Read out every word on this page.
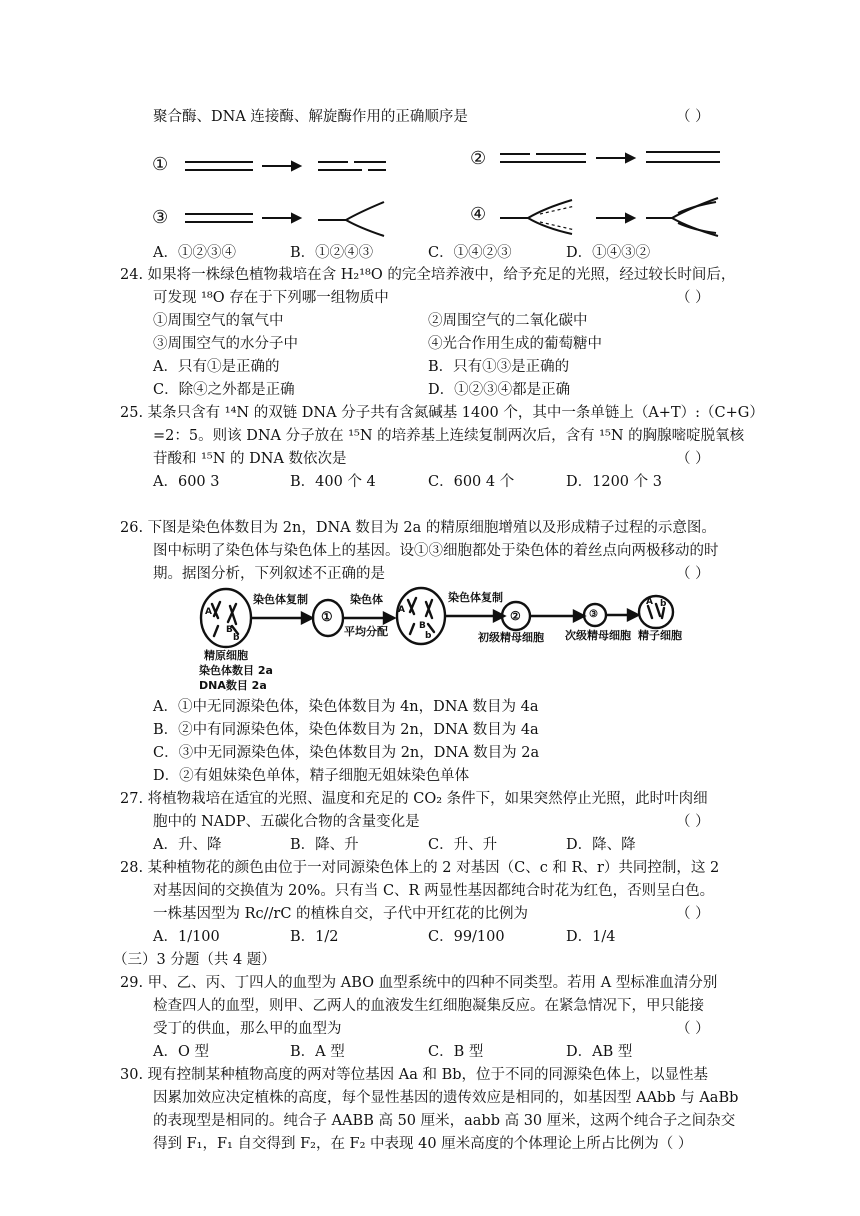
聚合酶、DNA 连接酶、解旋酶作用的正确顺序是	（ ）
①	②
③	④
A．①②③④	B．①②④③	C．①④②③	D．①④③②
24. 如果将一株绿色植物栽培在含 H₂¹⁸O 的完全培养液中，给予充足的光照，经过较长时间后，
可发现 ¹⁸O 存在于下列哪一组物质中	（ ）
①周围空气的氧气中	②周围空气的二氧化碳中
③周围空气的水分子中	④光合作用生成的葡萄糖中
A．只有①是正确的	B．只有①③是正确的
C．除④之外都是正确	D．①②③④都是正确
25. 某条只含有 ¹⁴N 的双链 DNA 分子共有含氮碱基 1400 个，其中一条单链上（A+T）:（C+G）
=2：5。则该 DNA 分子放在 ¹⁵N 的培养基上连续复制两次后，含有 ¹⁵N 的胸腺嘧啶脱氧核
苷酸和 ¹⁵N 的 DNA 数依次是	（ ）
A．600 3	B．400 个 4	C．600 4 个	D．1200 个 3
26. 下图是染色体数目为 2n，DNA 数目为 2a 的精原细胞增殖以及形成精子过程的示意图。
图中标明了染色体与染色体上的基因。设①③细胞都处于染色体的着丝点向两极移动的时
期。据图分析，下列叙述不正确的是	（ ）
A
B
b
A
B
b
A b
染色体复制
①
染色体
平均分配
染色体复制
②	③
初级精母细胞 次级精母细胞 精子细胞
精原细胞
染色体数目 2a
DNA数目 2a
A．①中无同源染色体，染色体数目为 4n，DNA 数目为 4a
B．②中有同源染色体，染色体数目为 2n，DNA 数目为 4a
C．③中无同源染色体，染色体数目为 2n，DNA 数目为 2a
D．②有姐妹染色单体，精子细胞无姐妹染色单体
27. 将植物栽培在适宜的光照、温度和充足的 CO₂ 条件下，如果突然停止光照，此时叶肉细
胞中的 NADP、五碳化合物的含量变化是	（ ）
A．升、降	B．降、升	C．升、升	D．降、降
28. 某种植物花的颜色由位于一对同源染色体上的 2 对基因（C、c 和 R、r）共同控制，这 2
对基因间的交换值为 20%。只有当 C、R 两显性基因都纯合时花为红色，否则呈白色。
一株基因型为 Rc//rC 的植株自交，子代中开红花的比例为	（ ）
A．1/100	B．1/2	C．99/100	D．1/4
（三）3 分题（共 4 题）
29. 甲、乙、丙、丁四人的血型为 ABO 血型系统中的四种不同类型。若用 A 型标准血清分别
检查四人的血型，则甲、乙两人的血液发生红细胞凝集反应。在紧急情况下，甲只能接
受丁的供血，那么甲的血型为	（ ）
A．O 型	B．A 型	C．B 型	D．AB 型
30. 现有控制某种植物高度的两对等位基因 Aa 和 Bb，位于不同的同源染色体上，以显性基
因累加效应决定植株的高度，每个显性基因的遗传效应是相同的，如基因型 AAbb 与 AaBb
的表现型是相同的。纯合子 AABB 高 50 厘米，aabb 高 30 厘米，这两个纯合子之间杂交
得到 F₁，F₁ 自交得到 F₂，在 F₂ 中表现 40 厘米高度的个体理论上所占比例为（ ）
